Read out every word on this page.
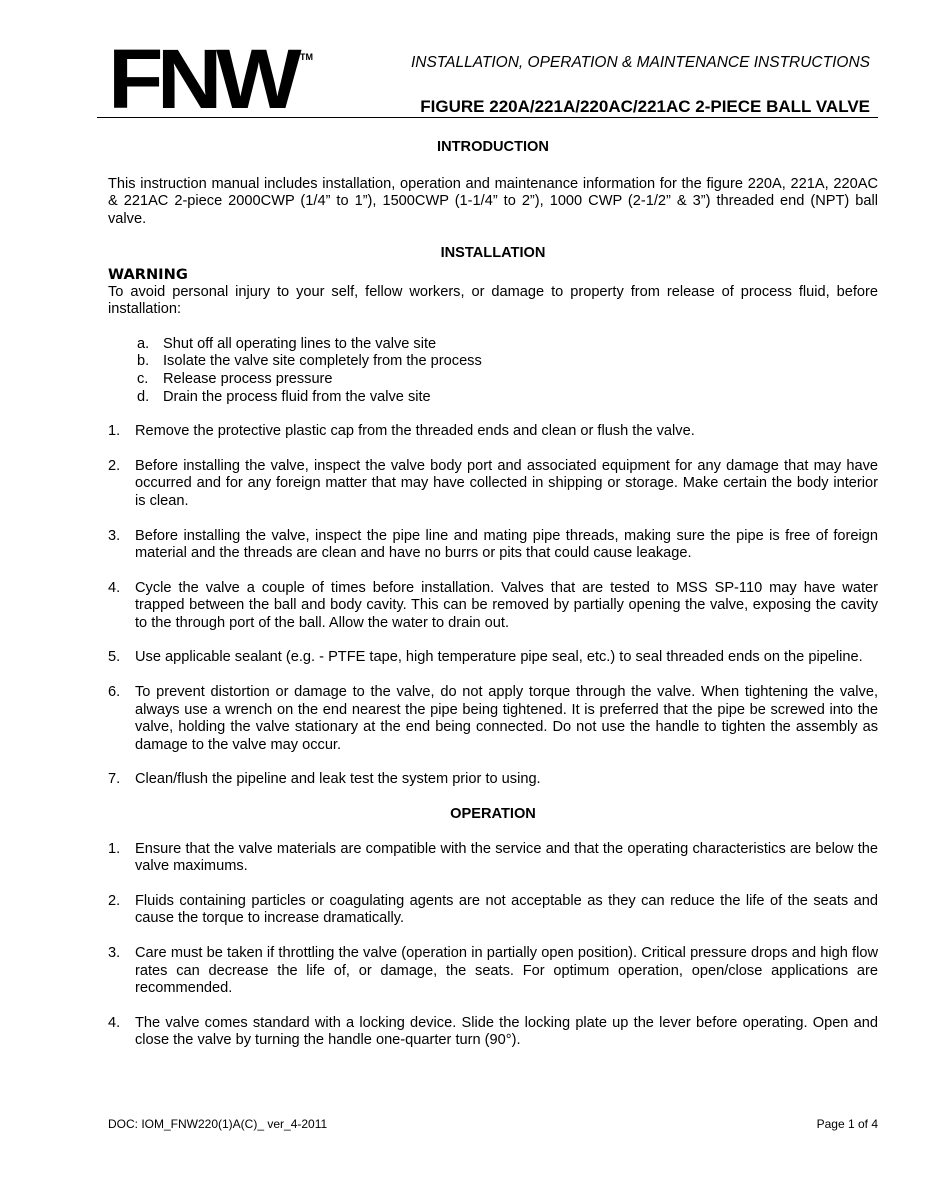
FNW TM	INSTALLATION, OPERATION & MAINTENANCE INSTRUCTIONS
FIGURE 220A/221A/220AC/221AC 2-PIECE BALL VALVE
INTRODUCTION

This instruction manual includes installation, operation and maintenance information for the figure 220A, 221A, 220AC & 221AC 2-piece 2000CWP (1/4” to 1”), 1500CWP (1-1/4” to 2”), 1000 CWP (2-1/2” & 3”) threaded end (NPT) ball valve.

INSTALLATION
WARNING

To avoid personal injury to your self, fellow workers, or damage to property from release of process fluid, before installation:

a. Shut off all operating lines to the valve site
b. Isolate the valve site completely from the process
c. Release process pressure
d. Drain the process fluid from the valve site
1. Remove the protective plastic cap from the threaded ends and clean or flush the valve.
2. Before installing the valve, inspect the valve body port and associated equipment for any damage that may have occurred and for any foreign matter that may have collected in shipping or storage. Make certain the body interior is clean.
3. Before installing the valve, inspect the pipe line and mating pipe threads, making sure the pipe is free of foreign material and the threads are clean and have no burrs or pits that could cause leakage.
4. Cycle the valve a couple of times before installation. Valves that are tested to MSS SP-110 may have water trapped between the ball and body cavity. This can be removed by partially opening the valve, exposing the cavity to the through port of the ball. Allow the water to drain out.
5. Use applicable sealant (e.g. - PTFE tape, high temperature pipe seal, etc.) to seal threaded ends on the pipeline.
6. To prevent distortion or damage to the valve, do not apply torque through the valve. When tightening the valve, always use a wrench on the end nearest the pipe being tightened. It is preferred that the pipe be screwed into the valve, holding the valve stationary at the end being connected. Do not use the handle to tighten the assembly as damage to the valve may occur.
7. Clean/flush the pipeline and leak test the system prior to using.
OPERATION
1. Ensure that the valve materials are compatible with the service and that the operating characteristics are below the valve maximums.
2. Fluids containing particles or coagulating agents are not acceptable as they can reduce the life of the seats and cause the torque to increase dramatically.
3. Care must be taken if throttling the valve (operation in partially open position). Critical pressure drops and high flow rates can decrease the life of, or damage, the seats. For optimum operation, open/close applications are recommended.
4. The valve comes standard with a locking device. Slide the locking plate up the lever before operating. Open and close the valve by turning the handle one-quarter turn (90°).
DOC: IOM_FNW220(1)A(C)_ ver_4-2011	Page 1 of 4
